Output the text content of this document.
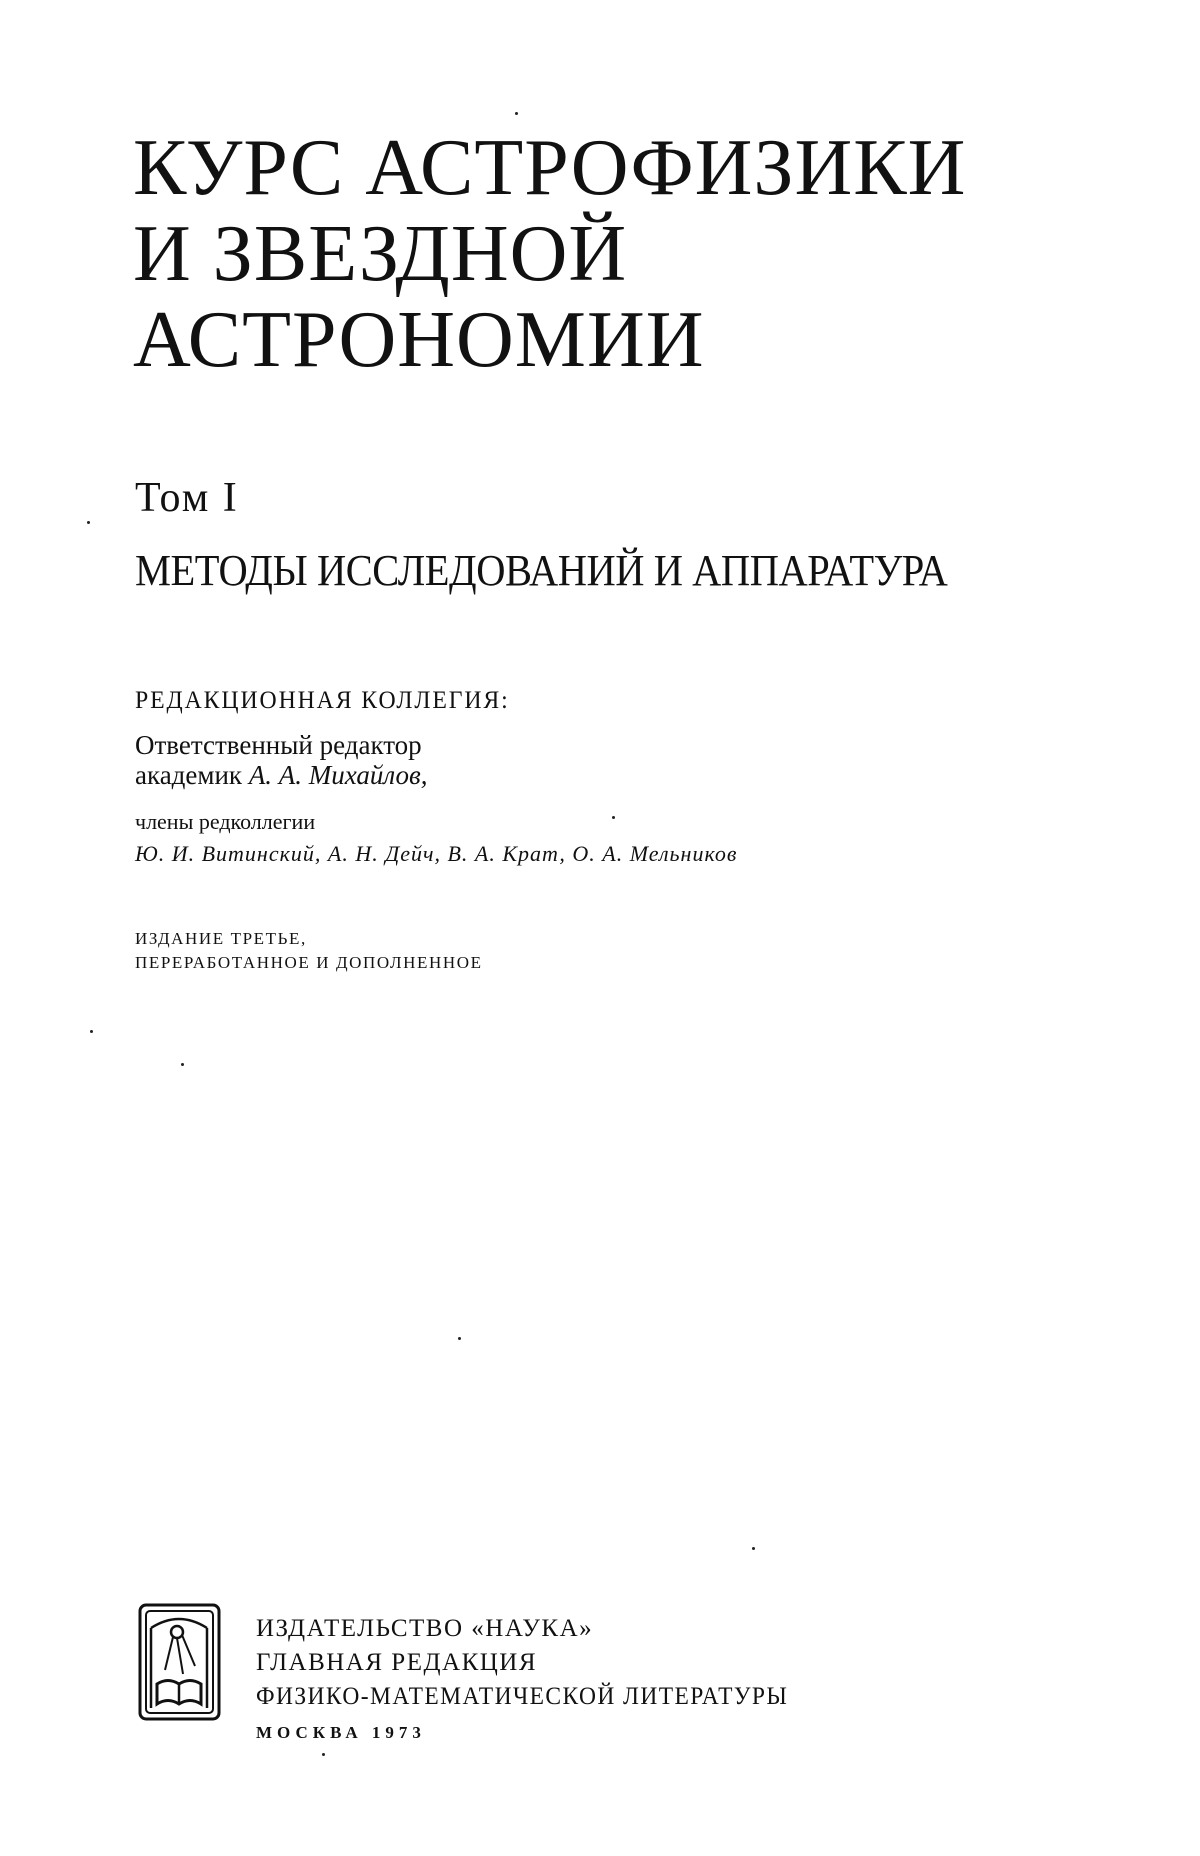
КУРС АСТРОФИЗИКИ
И ЗВЕЗДНОЙ
АСТРОНОМИИ
Том I
МЕТОДЫ ИССЛЕДОВАНИЙ И АППАРАТУРА
РЕДАКЦИОННАЯ КОЛЛЕГИЯ:
Ответственный редактор
академик А. А. Михайлов,
члены редколлегии
Ю. И. Витинский, А. Н. Дейч, В. А. Крат, О. А. Мельников
ИЗДАНИЕ ТРЕТЬЕ,
ПЕРЕРАБОТАННОЕ И ДОПОЛНЕННОЕ
ИЗДАТЕЛЬСТВО «НАУКА»
ГЛАВНАЯ РЕДАКЦИЯ
ФИЗИКО-МАТЕМАТИЧЕСКОЙ ЛИТЕРАТУРЫ
МОСКВА 1973
